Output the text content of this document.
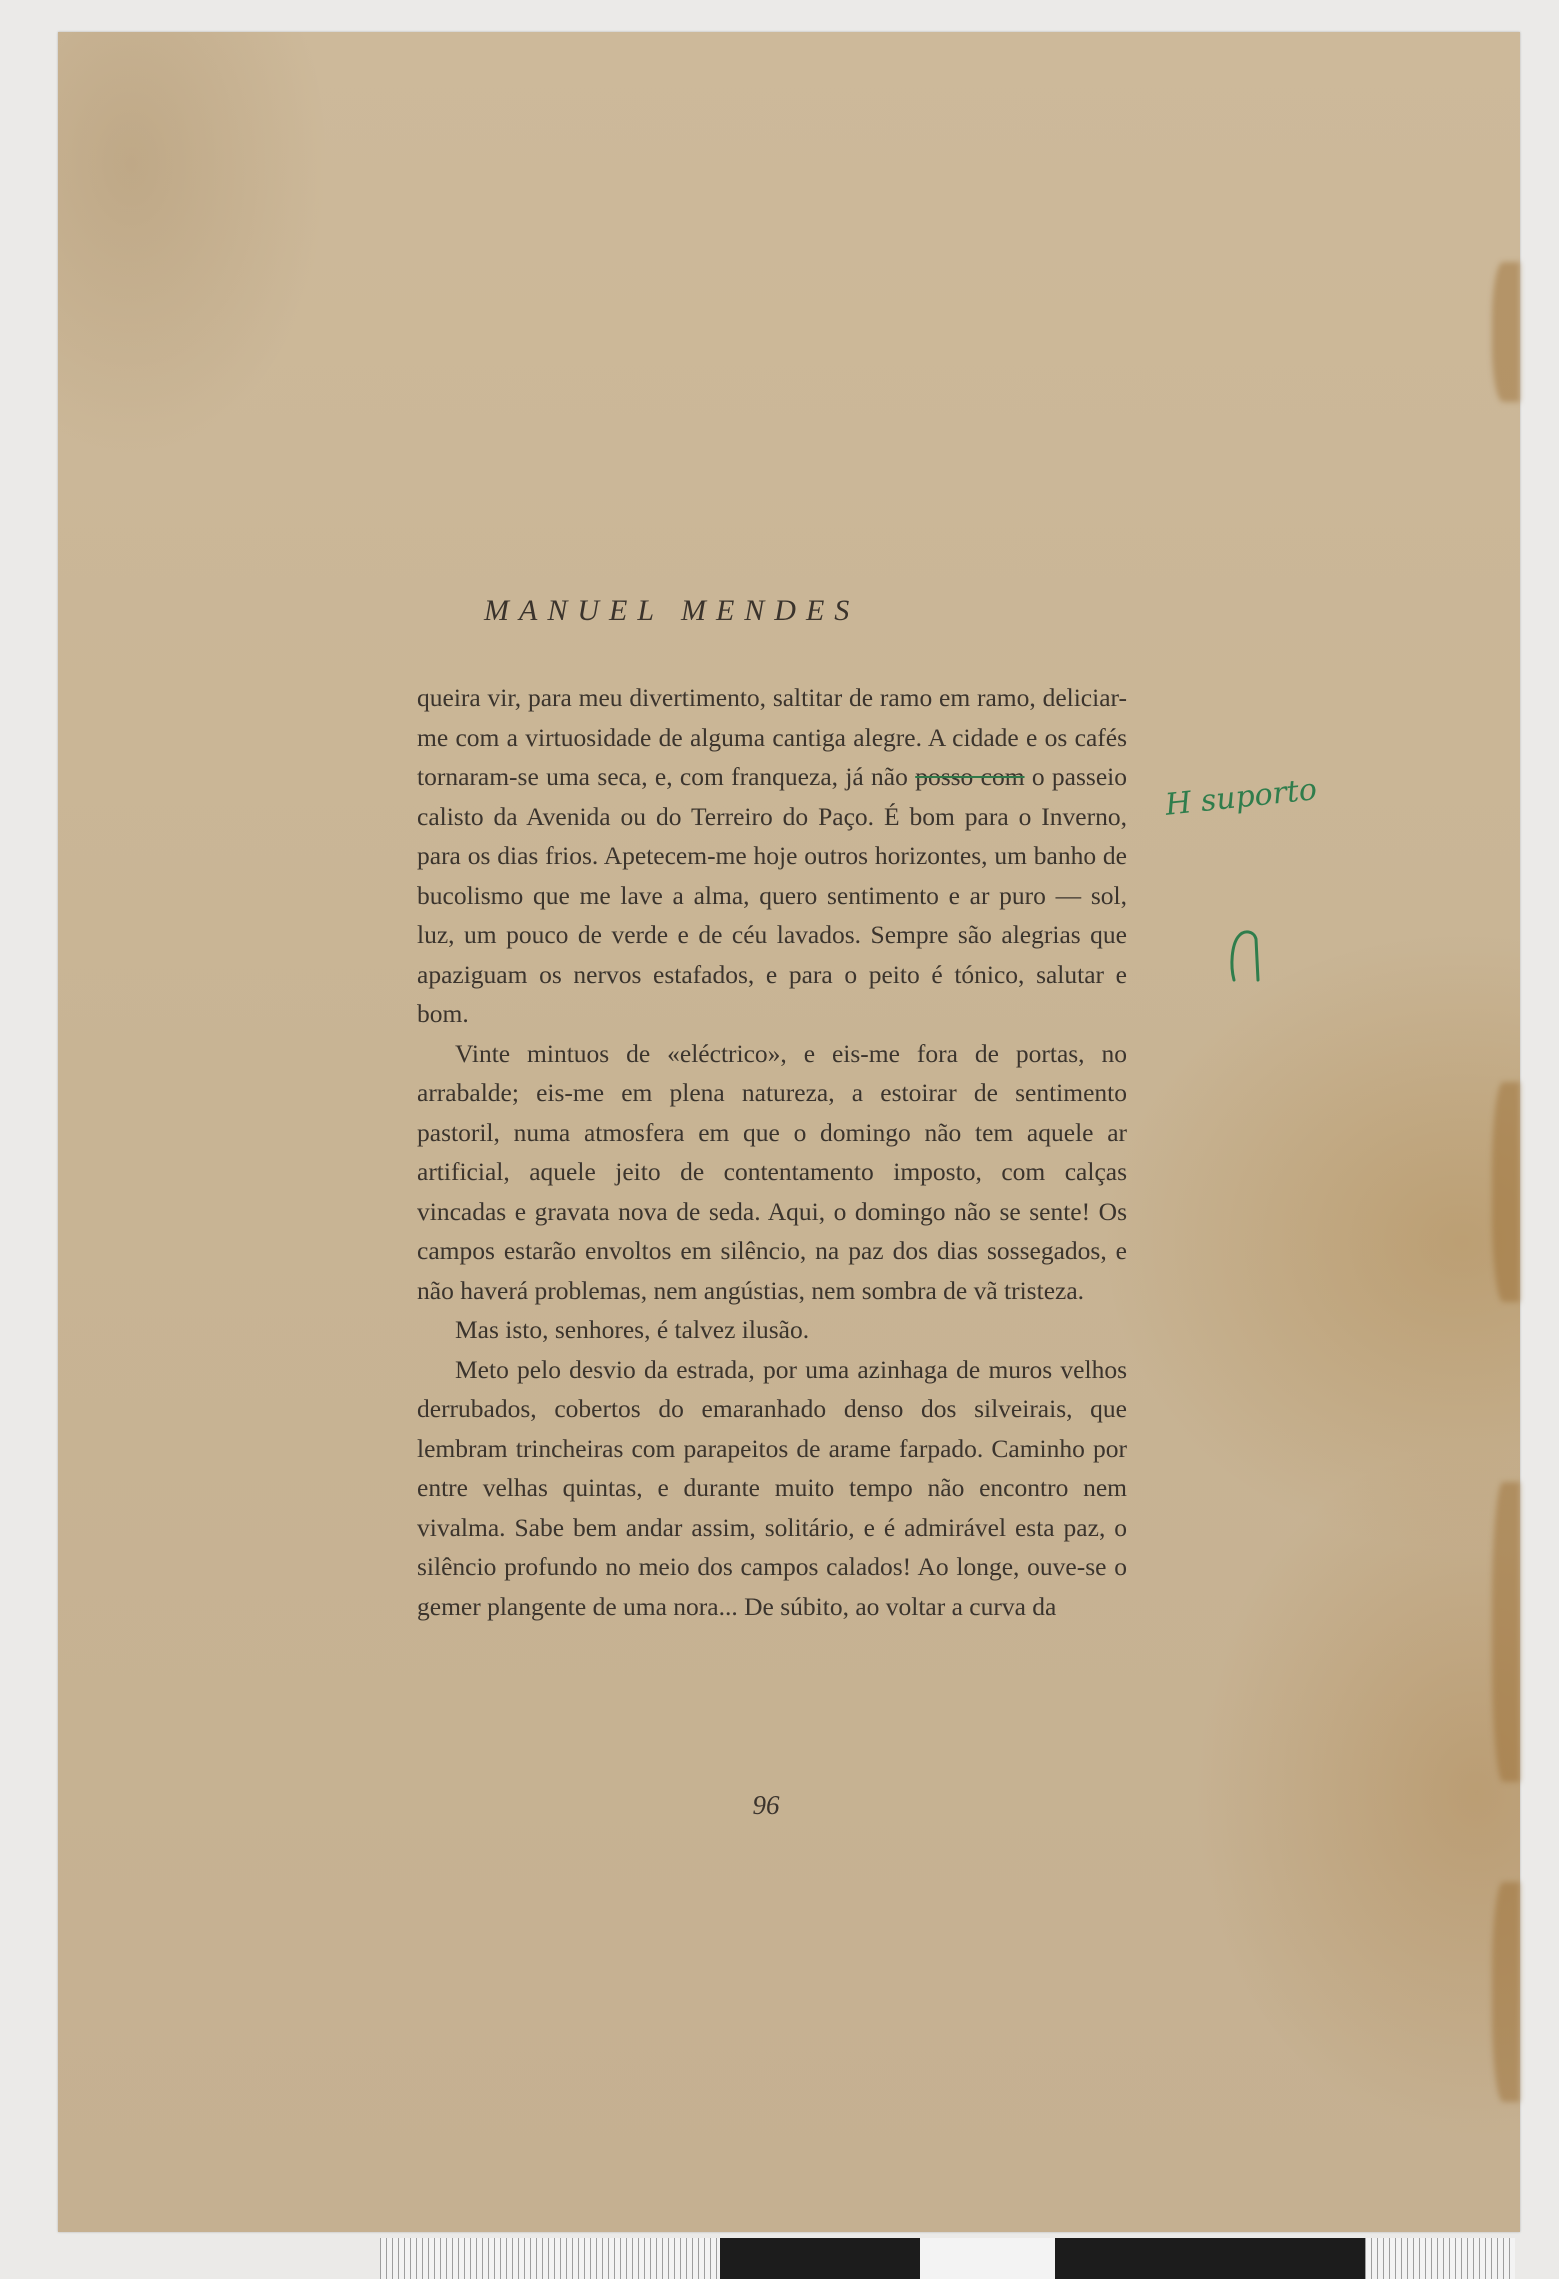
MANUEL MENDES

queira vir, para meu divertimento, saltitar de ramo em ramo, deliciar-me com a virtuosidade de alguma cantiga alegre. A cidade e os cafés tornaram-se uma seca, e, com franqueza, já não posso com o passeio calisto da Avenida ou do Terreiro do Paço. É bom para o Inverno, para os dias frios. Apetecem-me hoje outros horizontes, um banho de bucolismo que me lave a alma, quero sentimento e ar puro — sol, luz, um pouco de verde e de céu lavados. Sempre são alegrias que apaziguam os nervos estafados, e para o peito é tónico, salutar e bom.

Vinte mintuos de «eléctrico», e eis-me fora de portas, no arrabalde; eis-me em plena natureza, a estoirar de sentimento pastoril, numa atmosfera em que o domingo não tem aquele ar artificial, aquele jeito de contentamento imposto, com calças vincadas e gravata nova de seda. Aqui, o domingo não se sente! Os campos estarão envoltos em silêncio, na paz dos dias sossegados, e não haverá problemas, nem angústias, nem sombra de vã tristeza.

Mas isto, senhores, é talvez ilusão.

Meto pelo desvio da estrada, por uma azinhaga de muros velhos derrubados, cobertos do emaranhado denso dos silveirais, que lembram trincheiras com parapeitos de arame farpado. Caminho por entre velhas quintas, e durante muito tempo não encontro nem vivalma. Sabe bem andar assim, solitário, e é admirável esta paz, o silêncio profundo no meio dos campos calados! Ao longe, ouve-se o gemer plangente de uma nora... De súbito, ao voltar a curva da

H suporto
96
